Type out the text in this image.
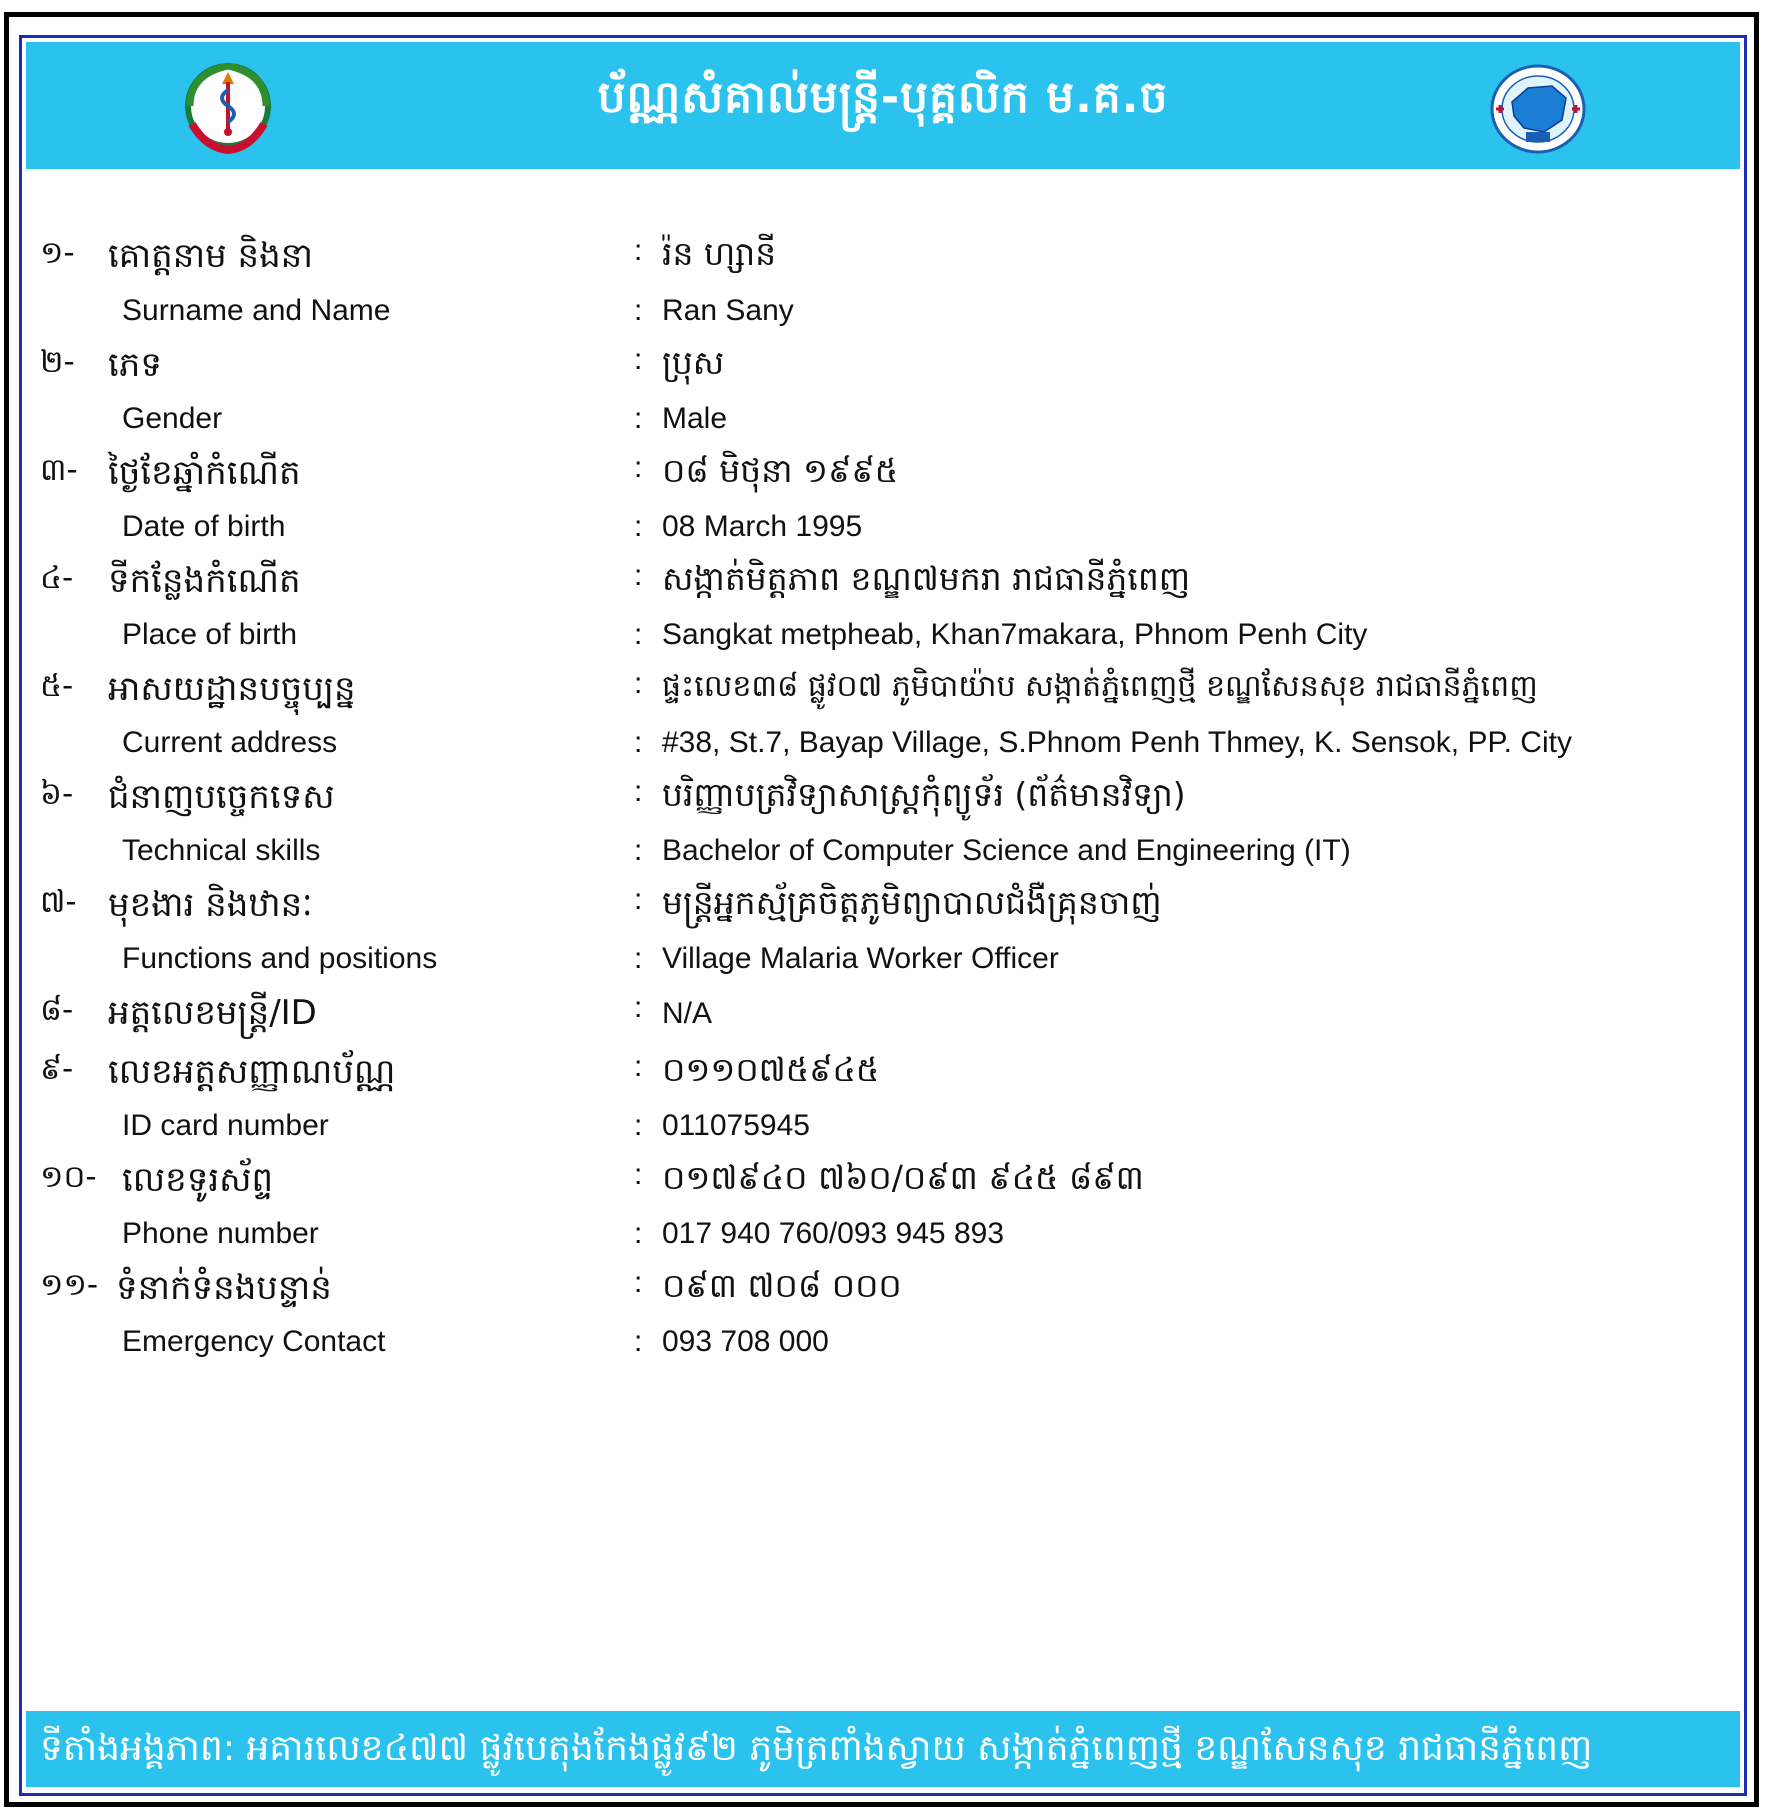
ប័ណ្ណសំគាល់មន្ត្រី-បុគ្គលិក ម.គ.ច
១- គោត្តនាម និងនា	: រ៉ន ហ្សានី
Surname and Name	: Ran Sany
២- ភេទ	: ប្រុស
Gender	: Male
៣- ថ្ងៃខែឆ្នាំកំណើត	: ០៨ មិថុនា ១៩៩៥
Date of birth	: 08 March 1995
៤- ទីកន្លែងកំណើត	: សង្កាត់មិត្តភាព ខណ្ឌ៧មករា រាជធានីភ្នំពេញ
Place of birth	: Sangkat metpheab, Khan7makara, Phnom Penh City
៥- អាសយដ្ឋានបច្ចុប្បន្ន	: ផ្ទះលេខ៣៨ ផ្លូវ០៧ ភូមិបាយ៉ាប សង្កាត់ភ្នំពេញថ្មី ខណ្ឌសែនសុខ រាជធានីភ្នំពេញ
Current address	: #38, St.7, Bayap Village, S.Phnom Penh Thmey, K. Sensok, PP. City
៦- ជំនាញបច្ចេកទេស	: បរិញ្ញាបត្រវិទ្យាសាស្រ្តកុំព្យូទ័រ (ព័ត៌មានវិទ្យា)
Technical skills	: Bachelor of Computer Science and Engineering (IT)
៧- មុខងារ និងឋានៈ	: មន្ត្រីអ្នកស្ម័គ្រចិត្តភូមិព្យាបាលជំងឺគ្រុនចាញ់
Functions and positions	: Village Malaria Worker Officer
៨- អត្តលេខមន្ត្រី/ID	: N/A
៩- លេខអត្តសញ្ញាណប័ណ្ណ	: ០១១០៧៥៩៤៥
ID card number	: 011075945
១០- លេខទូរស័ព្ទ	: ០១៧៩៤០ ៧៦០/០៩៣ ៩៤៥ ៨៩៣
Phone number	: 017 940 760/093 945 893
១១- ទំនាក់ទំនងបន្ទាន់	: ០៩៣ ៧០៨ ០០០
Emergency Contact	: 093 708 000
ទីតាំងអង្គភាព: អគារលេខ៤៧៧ ផ្លូវបេតុងកែងផ្លូវ៩២ ភូមិត្រពាំងស្វាយ សង្កាត់ភ្នំពេញថ្មី ខណ្ឌសែនសុខ រាជធានីភ្នំពេញ
